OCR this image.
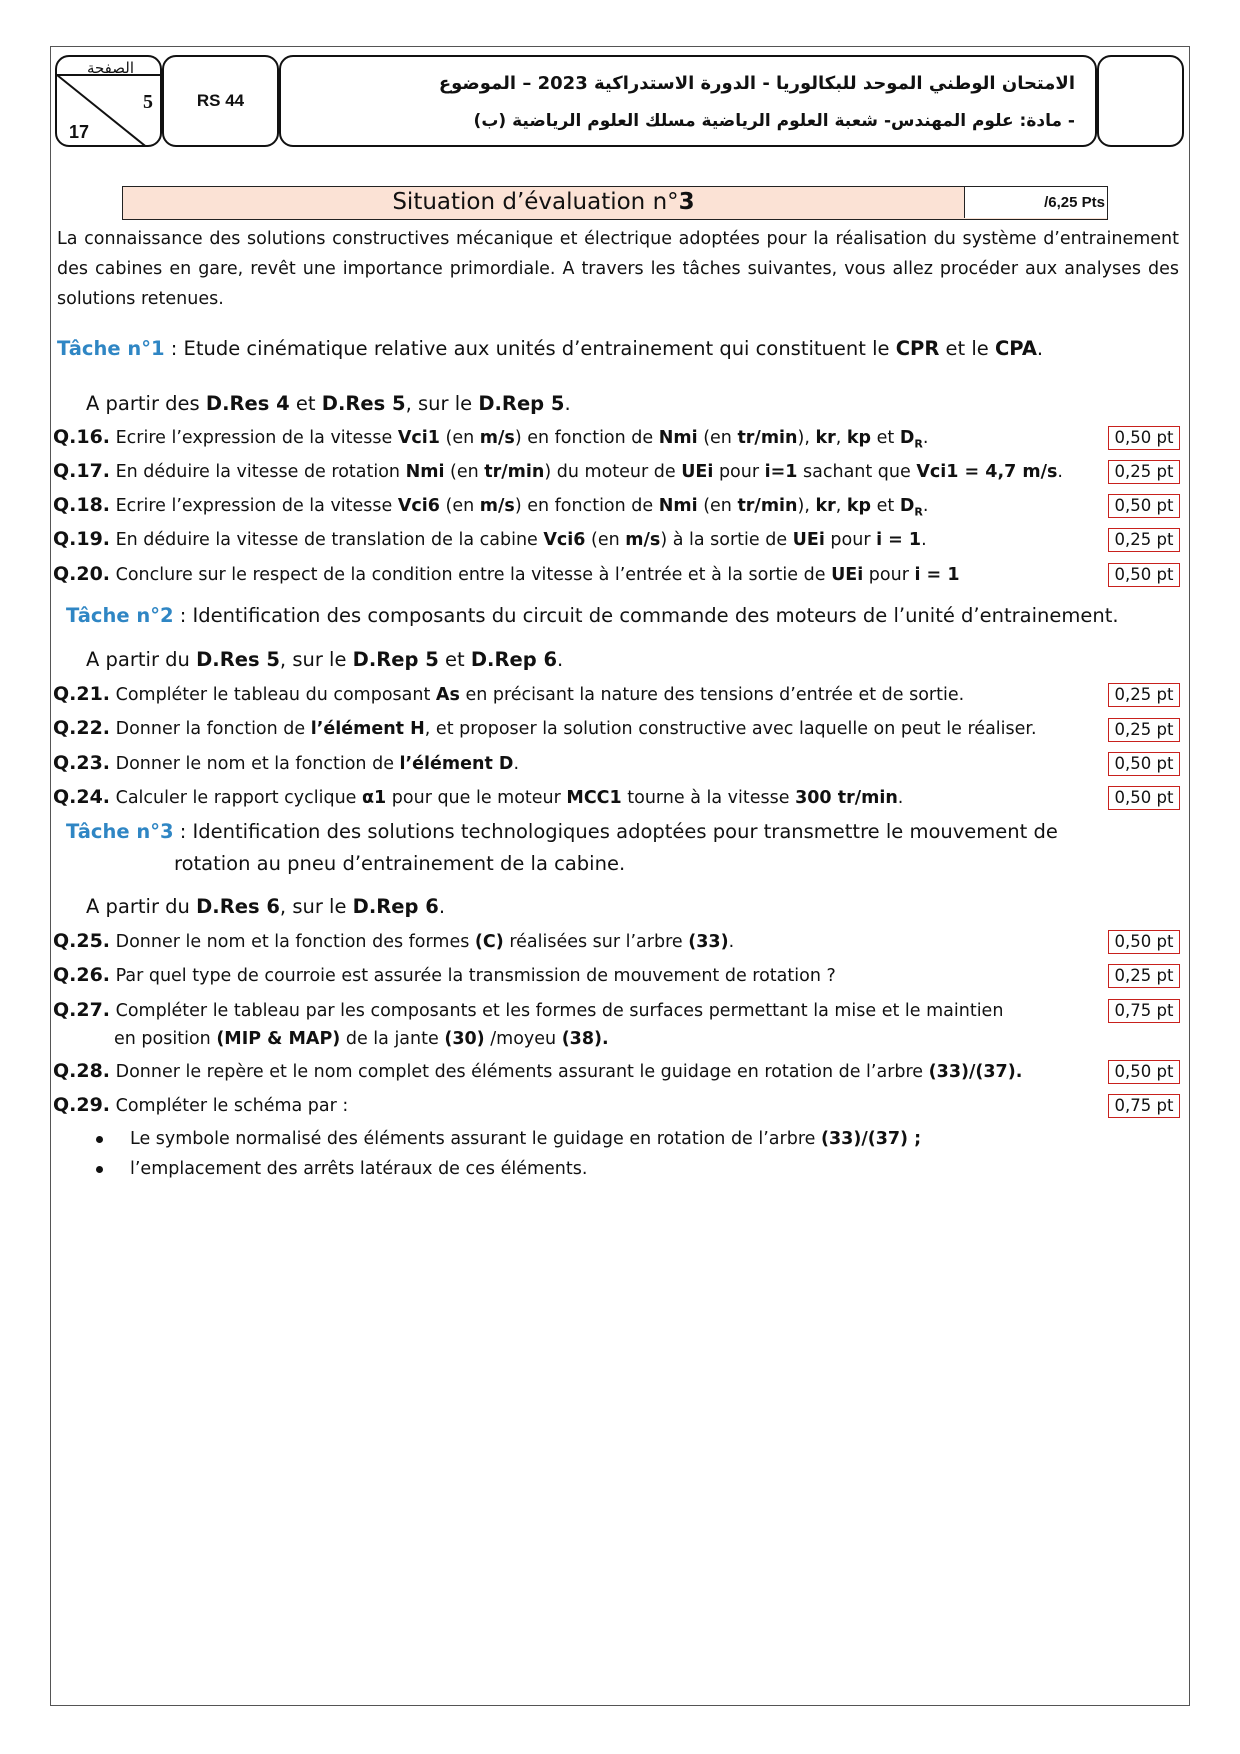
الصفحة
5
17
RS 44
الامتحان الوطني الموحد للبكالوريا - الدورة الاستدراكية 2023 – الموضوع
- مادة: علوم المهندس- شعبة العلوم الرياضية مسلك العلوم الرياضية (ب)
Situation d’évaluation n°3	/6,25 Pts
La connaissance des solutions constructives mécanique et électrique adoptées pour la réalisation du système d’entrainement des cabines en gare, revêt une importance primordiale. A travers les tâches suivantes, vous allez procéder aux analyses des solutions retenues.
Tâche n°1 : Etude cinématique relative aux unités d’entrainement qui constituent le CPR et le CPA.
A partir des D.Res 4 et D.Res 5, sur le D.Rep 5.
Q.16. Ecrire l’expression de la vitesse Vci1 (en m/s) en fonction de Nmi (en tr/min), kr, kp et $D_R$.	0,50 pt
Q.17. En déduire la vitesse de rotation Nmi (en tr/min) du moteur de UEi pour i=1 sachant que Vci1 = 4,7 m/s.	0,25 pt
Q.18. Ecrire l’expression de la vitesse Vci6 (en m/s) en fonction de Nmi (en tr/min), kr, kp et $D_R$.	0,50 pt
Q.19. En déduire la vitesse de translation de la cabine Vci6 (en m/s) à la sortie de UEi pour i = 1.	0,25 pt
Q.20. Conclure sur le respect de la condition entre la vitesse à l’entrée et à la sortie de UEi pour i = 1	0,50 pt
Tâche n°2 : Identification des composants du circuit de commande des moteurs de l’unité d’entrainement.
A partir du D.Res 5, sur le D.Rep 5 et D.Rep 6.
Q.21. Compléter le tableau du composant As en précisant la nature des tensions d’entrée et de sortie.	0,25 pt
Q.22. Donner la fonction de l’élément H, et proposer la solution constructive avec laquelle on peut le réaliser.	0,25 pt
Q.23. Donner le nom et la fonction de l’élément D.	0,50 pt
Q.24. Calculer le rapport cyclique α1 pour que le moteur MCC1 tourne à la vitesse 300 tr/min.	0,50 pt
Tâche n°3 : Identification des solutions technologiques adoptées pour transmettre le mouvement de
rotation au pneu d’entrainement de la cabine.
A partir du D.Res 6, sur le D.Rep 6.
Q.25. Donner le nom et la fonction des formes (C) réalisées sur l’arbre (33).	0,50 pt
Q.26. Par quel type de courroie est assurée la transmission de mouvement de rotation ?	0,25 pt
Q.27. Compléter le tableau par les composants et les formes de surfaces permettant la mise et le maintien
en position (MIP & MAP) de la jante (30) /moyeu (38).
0,75 pt
Q.28. Donner le repère et le nom complet des éléments assurant le guidage en rotation de l’arbre (33)/(37).	0,50 pt
Q.29. Compléter le schéma par :	0,75 pt
Le symbole normalisé des éléments assurant le guidage en rotation de l’arbre (33)/(37) ;
l’emplacement des arrêts latéraux de ces éléments.
